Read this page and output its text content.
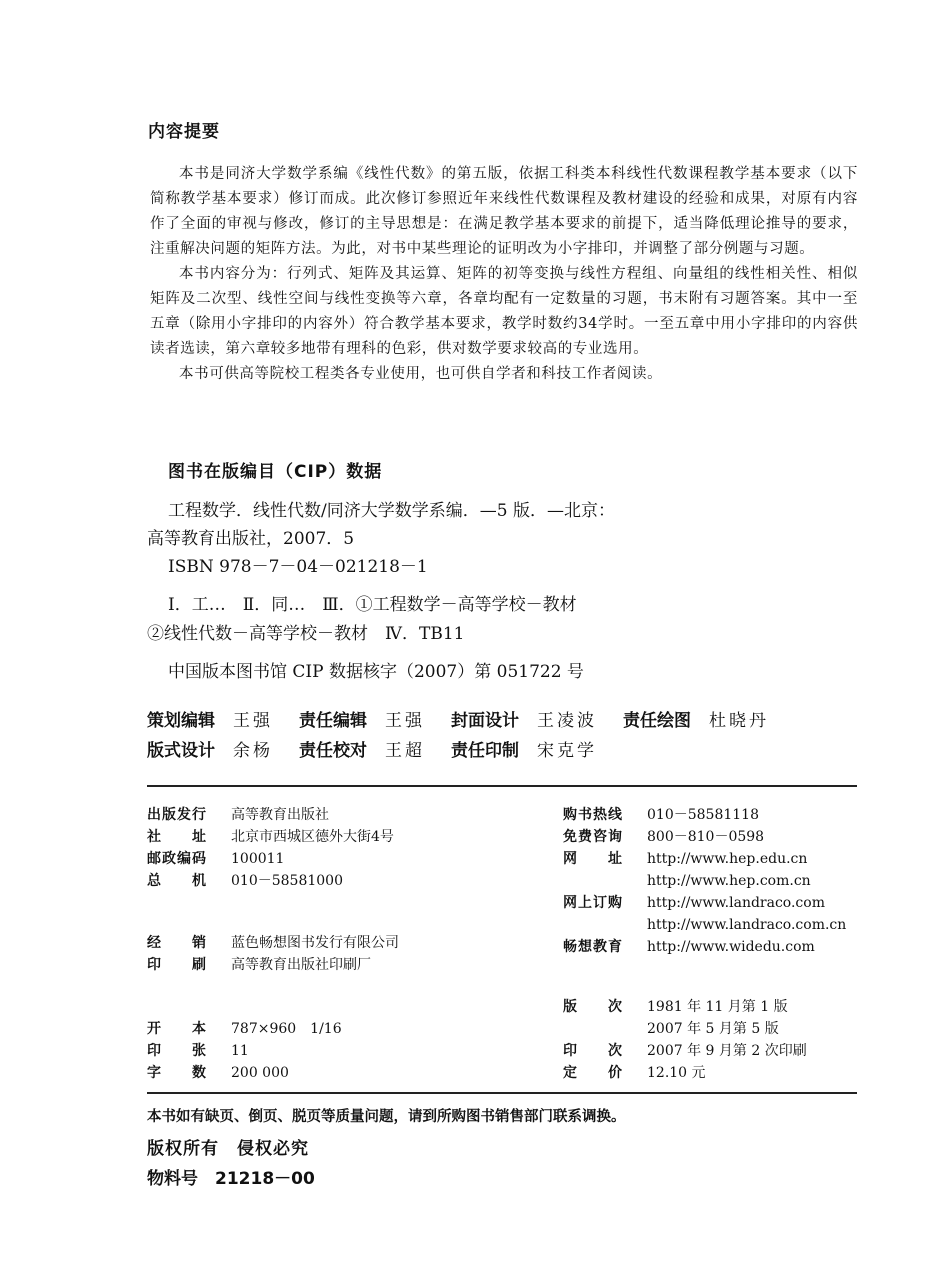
内容提要

本书是同济大学数学系编《线性代数》的第五版，依据工科类本科线性代数课程教学基本要求（以下简称教学基本要求）修订而成。此次修订参照近年来线性代数课程及教材建设的经验和成果，对原有内容作了全面的审视与修改，修订的主导思想是：在满足教学基本要求的前提下，适当降低理论推导的要求，注重解决问题的矩阵方法。为此，对书中某些理论的证明改为小字排印，并调整了部分例题与习题。

本书内容分为：行列式、矩阵及其运算、矩阵的初等变换与线性方程组、向量组的线性相关性、相似矩阵及二次型、线性空间与线性变换等六章，各章均配有一定数量的习题，书末附有习题答案。其中一至五章（除用小字排印的内容外）符合教学基本要求，教学时数约34学时。一至五章中用小字排印的内容供读者选读，第六章较多地带有理科的色彩，供对数学要求较高的专业选用。

本书可供高等院校工程类各专业使用，也可供自学者和科技工作者阅读。

图书在版编目（CIP）数据
工程数学．线性代数/同济大学数学系编．—5 版．—北京：
高等教育出版社，2007．5
ISBN 978－7－04－021218－1
Ⅰ．工…　Ⅱ．同…　Ⅲ．①工程数学－高等学校－教材
②线性代数－高等学校－教材　Ⅳ．TB11
中国版本图书馆 CIP 数据核字（2007）第 051722 号
策划编辑 王强 责任编辑 王强 封面设计 王凌波 责任绘图 杜晓丹
版式设计 余杨 责任校对 王超 责任印制 宋克学
出版发行 高等教育出版社
社　　址 北京市西城区德外大街4号
邮政编码 100011
总　　机 010－58581000
经　　销 蓝色畅想图书发行有限公司
印　　刷 高等教育出版社印刷厂
开　　本 787×960　1/16
印　　张 11
字　　数 200 000
购书热线 010－58581118
免费咨询 800－810－0598
网　　址 http://www.hep.edu.cn
http://www.hep.com.cn
网上订购 http://www.landraco.com
http://www.landraco.com.cn
畅想教育 http://www.widedu.com
版　　次 1981 年 11 月第 1 版
2007 年 5 月第 5 版
印　　次 2007 年 9 月第 2 次印刷
定　　价 12.10 元
本书如有缺页、倒页、脱页等质量问题，请到所购图书销售部门联系调换。
版权所有　侵权必究
物料号　21218－00
